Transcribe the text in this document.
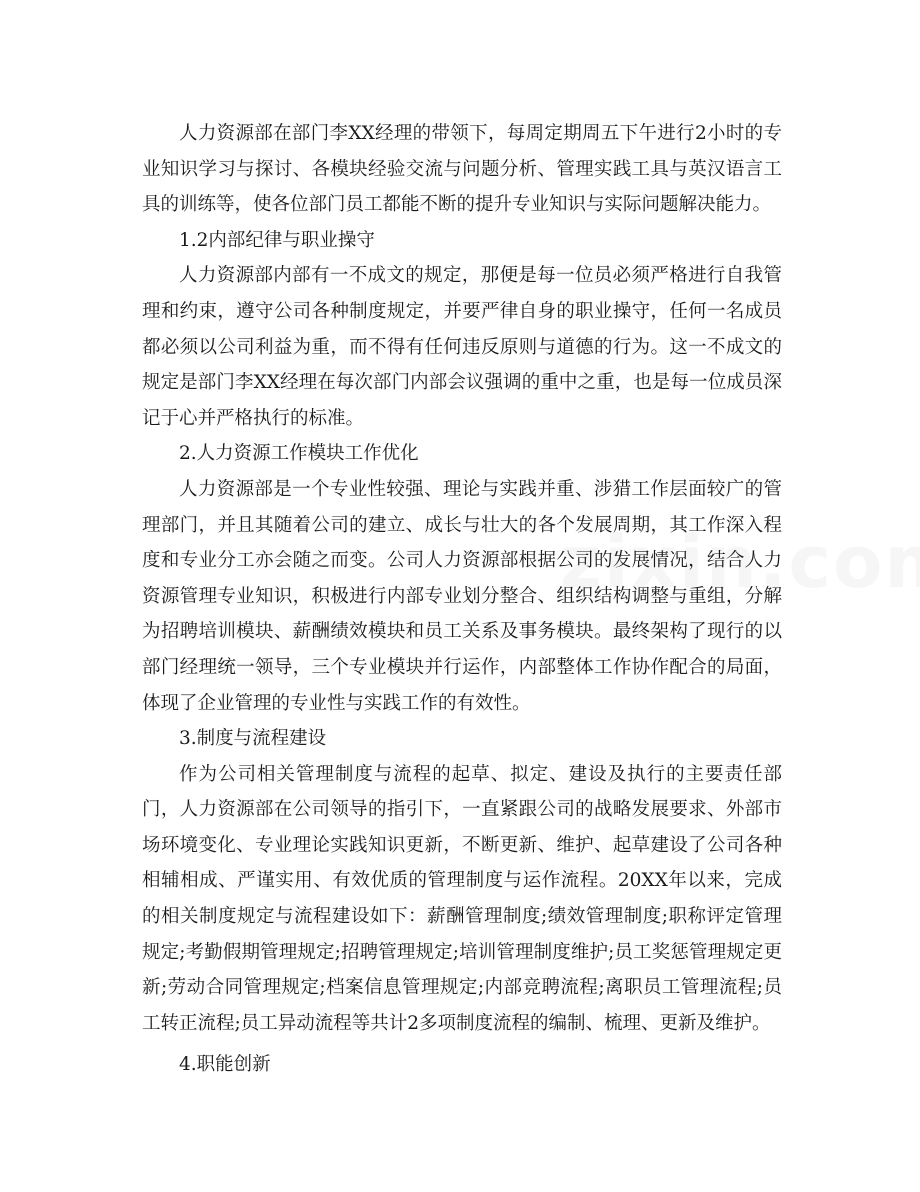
人力资源部在部门李XX经理的带领下，每周定期周五下午进行2小时的专业知识学习与探讨、各模块经验交流与问题分析、管理实践工具与英汉语言工具的训练等，使各位部门员工都能不断的提升专业知识与实际问题解决能力。

1.2内部纪律与职业操守

人力资源部内部有一不成文的规定，那便是每一位员必须严格进行自我管理和约束，遵守公司各种制度规定，并要严律自身的职业操守，任何一名成员都必须以公司利益为重，而不得有任何违反原则与道德的行为。这一不成文的规定是部门李XX经理在每次部门内部会议强调的重中之重，也是每一位成员深记于心并严格执行的标准。

2.人力资源工作模块工作优化

人力资源部是一个专业性较强、理论与实践并重、涉猎工作层面较广的管理部门，并且其随着公司的建立、成长与壮大的各个发展周期，其工作深入程度和专业分工亦会随之而变。公司人力资源部根据公司的发展情况，结合人力资源管理专业知识，积极进行内部专业划分整合、组织结构调整与重组，分解为招聘培训模块、薪酬绩效模块和员工关系及事务模块。最终架构了现行的以部门经理统一领导，三个专业模块并行运作，内部整体工作协作配合的局面，体现了企业管理的专业性与实践工作的有效性。

3.制度与流程建设

作为公司相关管理制度与流程的起草、拟定、建设及执行的主要责任部门，人力资源部在公司领导的指引下，一直紧跟公司的战略发展要求、外部市场环境变化、专业理论实践知识更新，不断更新、维护、起草建设了公司各种相辅相成、严谨实用、有效优质的管理制度与运作流程。20XX年以来，完成的相关制度规定与流程建设如下：薪酬管理制度;绩效管理制度;职称评定管理规定;考勤假期管理规定;招聘管理规定;培训管理制度维护;员工奖惩管理规定更新;劳动合同管理规定;档案信息管理规定;内部竞聘流程;离职员工管理流程;员工转正流程;员工异动流程等共计2多项制度流程的编制、梳理、更新及维护。

4.职能创新
